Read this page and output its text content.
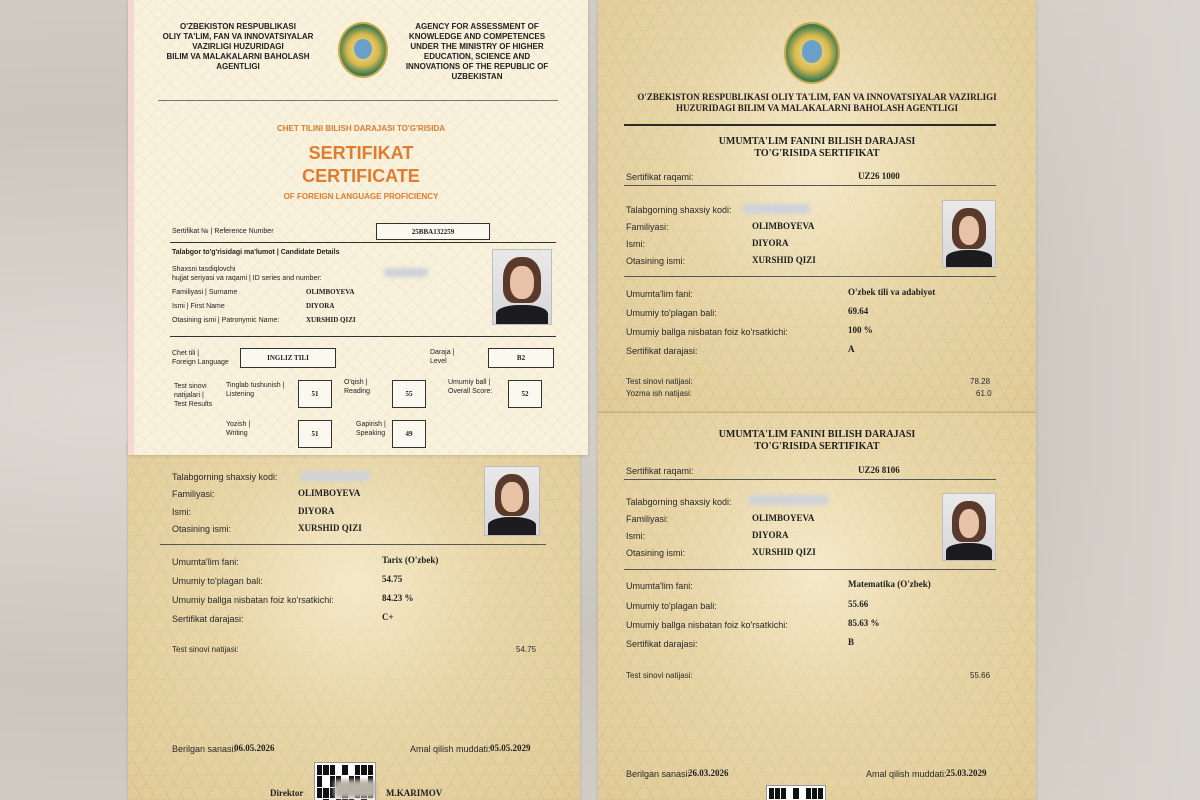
Talabgorning shaxsiy kodi:
Familiyasi:	OLIMBOYEVA
Ismi:	DIYORA
Otasining ismi:	XURSHID QIZI
Umumta'lim fani:	Tarix (O'zbek)
Umumiy to'plagan bali:	54.75
Umumiy ballga nisbatan foiz ko'rsatkichi:	84.23 %
Sertifikat darajasi:	C+
Test sinovi natijasi:	54.75
Berilgan sanasi:
06.05.2026	Amal qilish muddati: 05.05.2029
Direktor	M.KARIMOV
O'ZBEKISTON RESPUBLIKASI
OLIY TA'LIM, FAN VA INNOVATSIYALAR
VAZIRLIGI HUZURIDAGI
BILIM VA MALAKALARNI BAHOLASH
AGENTLIGI
AGENCY FOR ASSESSMENT OF
KNOWLEDGE AND COMPETENCES
UNDER THE MINISTRY OF HIGHER
EDUCATION, SCIENCE AND
INNOVATIONS OF THE REPUBLIC OF
UZBEKISTAN
CHET TILINI BILISH DARAJASI TO'G'RISIDA
SERTIFIKAT
CERTIFICATE
OF FOREIGN LANGUAGE PROFICIENCY
Sertifikat № | Reference Number	25BBA132259
Talabgor to'g'risidagi ma'lumot | Candidate Details
Shaxsni tasdiqlovchi
hujjat seriyasi va raqami | ID series and number:
Familiyasi | Surname	OLIMBOYEVA
Ismi | First Name	DIYORA
Otasining ismi | Patronymic Name:	XURSHID QIZI
Chet tili |
Foreign Language
INGLIZ TILI
Daraja |
Level	B2
Test sinovi
natijalari |
Test Results
Tinglab tushunish |
Listening	51
O'qish |
Reading	55
Umumiy ball |
Overall Score:	52
Yozish |
Writing	51
Gapirish |
Speaking	49
O'ZBEKISTON RESPUBLIKASI OLIY TA'LIM, FAN VA INNOVATSIYALAR VAZIRLIGI
HUZURIDAGI BILIM VA MALAKALARNI BAHOLASH AGENTLIGI
UMUMTA'LIM FANINI BILISH DARAJASI
TO'G'RISIDA SERTIFIKAT
Sertifikat raqami:	UZ26 1000
Talabgorning shaxsiy kodi:
Familiyasi:	OLIMBOYEVA
Ismi:	DIYORA
Otasining ismi:	XURSHID QIZI
Umumta'lim fani:	O'zbek tili va adabiyot
Umumiy to'plagan bali:	69.64
Umumiy ballga nisbatan foiz ko'rsatkichi:	100 %
Sertifikat darajasi:	A
Test sinovi natijasi:	78.28
Yozma ish natijasi:	61.0
UMUMTA'LIM FANINI BILISH DARAJASI
TO'G'RISIDA SERTIFIKAT
Sertifikat raqami:	UZ26 8106
Talabgorning shaxsiy kodi:
Familiyasi:	OLIMBOYEVA
Ismi:	DIYORA
Otasining ismi:	XURSHID QIZI
Umumta'lim fani:	Matematika (O'zbek)
Umumiy to'plagan bali:	55.66
Umumiy ballga nisbatan foiz ko'rsatkichi:	85.63 %
Sertifikat darajasi:	B
Test sinovi natijasi:	55.66
Berilgan sanasi:
26.03.2026	Amal qilish muddati: 25.03.2029
